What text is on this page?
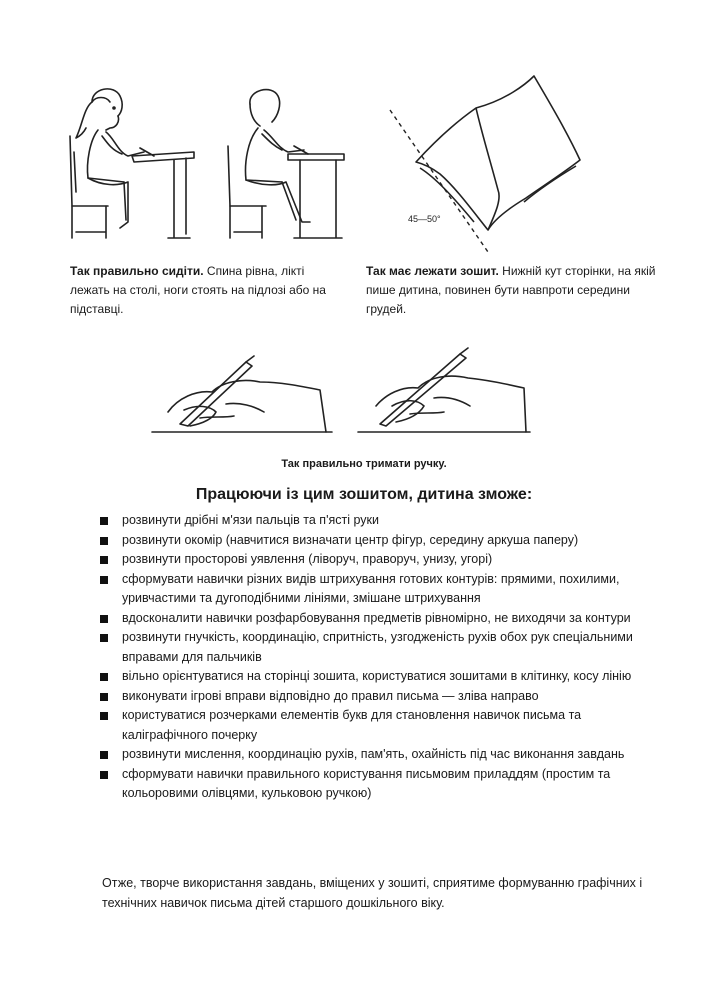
45—50°
Так правильно сидіти. Спина рівна, лікті лежать на столі, ноги стоять на підлозі або на підставці.
Так має лежати зошит. Нижній кут сторінки, на якій пише дитина, повинен бути навпроти середини грудей.
Так правильно тримати ручку.
Працюючи із цим зошитом, дитина зможе:
розвинути дрібні м'язи пальців та п'ясті руки
розвинути окомір (навчитися визначати центр фігур, середину аркуша паперу)
розвинути просторові уявлення (ліворуч, праворуч, унизу, угорі)
сформувати навички різних видів штрихування готових контурів: прямими, похилими, уривчастими та дугоподібними лініями, змішане штрихування
вдосконалити навички розфарбовування предметів рівномірно, не виходячи за контури
розвинути гнучкість, координацію, спритність, узгодженість рухів обох рук спеціальними вправами для пальчиків
вільно орієнтуватися на сторінці зошита, користуватися зошитами в клітинку, косу лінію
виконувати ігрові вправи відповідно до правил письма — зліва направо
користуватися розчерками елементів букв для становлення навичок письма та каліграфічного почерку
розвинути мислення, координацію рухів, пам'ять, охайність під час виконання завдань
сформувати навички правильного користування письмовим приладдям (простим та кольоровими олівцями, кульковою ручкою)
Отже, творче використання завдань, вміщених у зошиті, сприятиме формуванню графічних і технічних навичок письма дітей старшого дошкільного віку.
